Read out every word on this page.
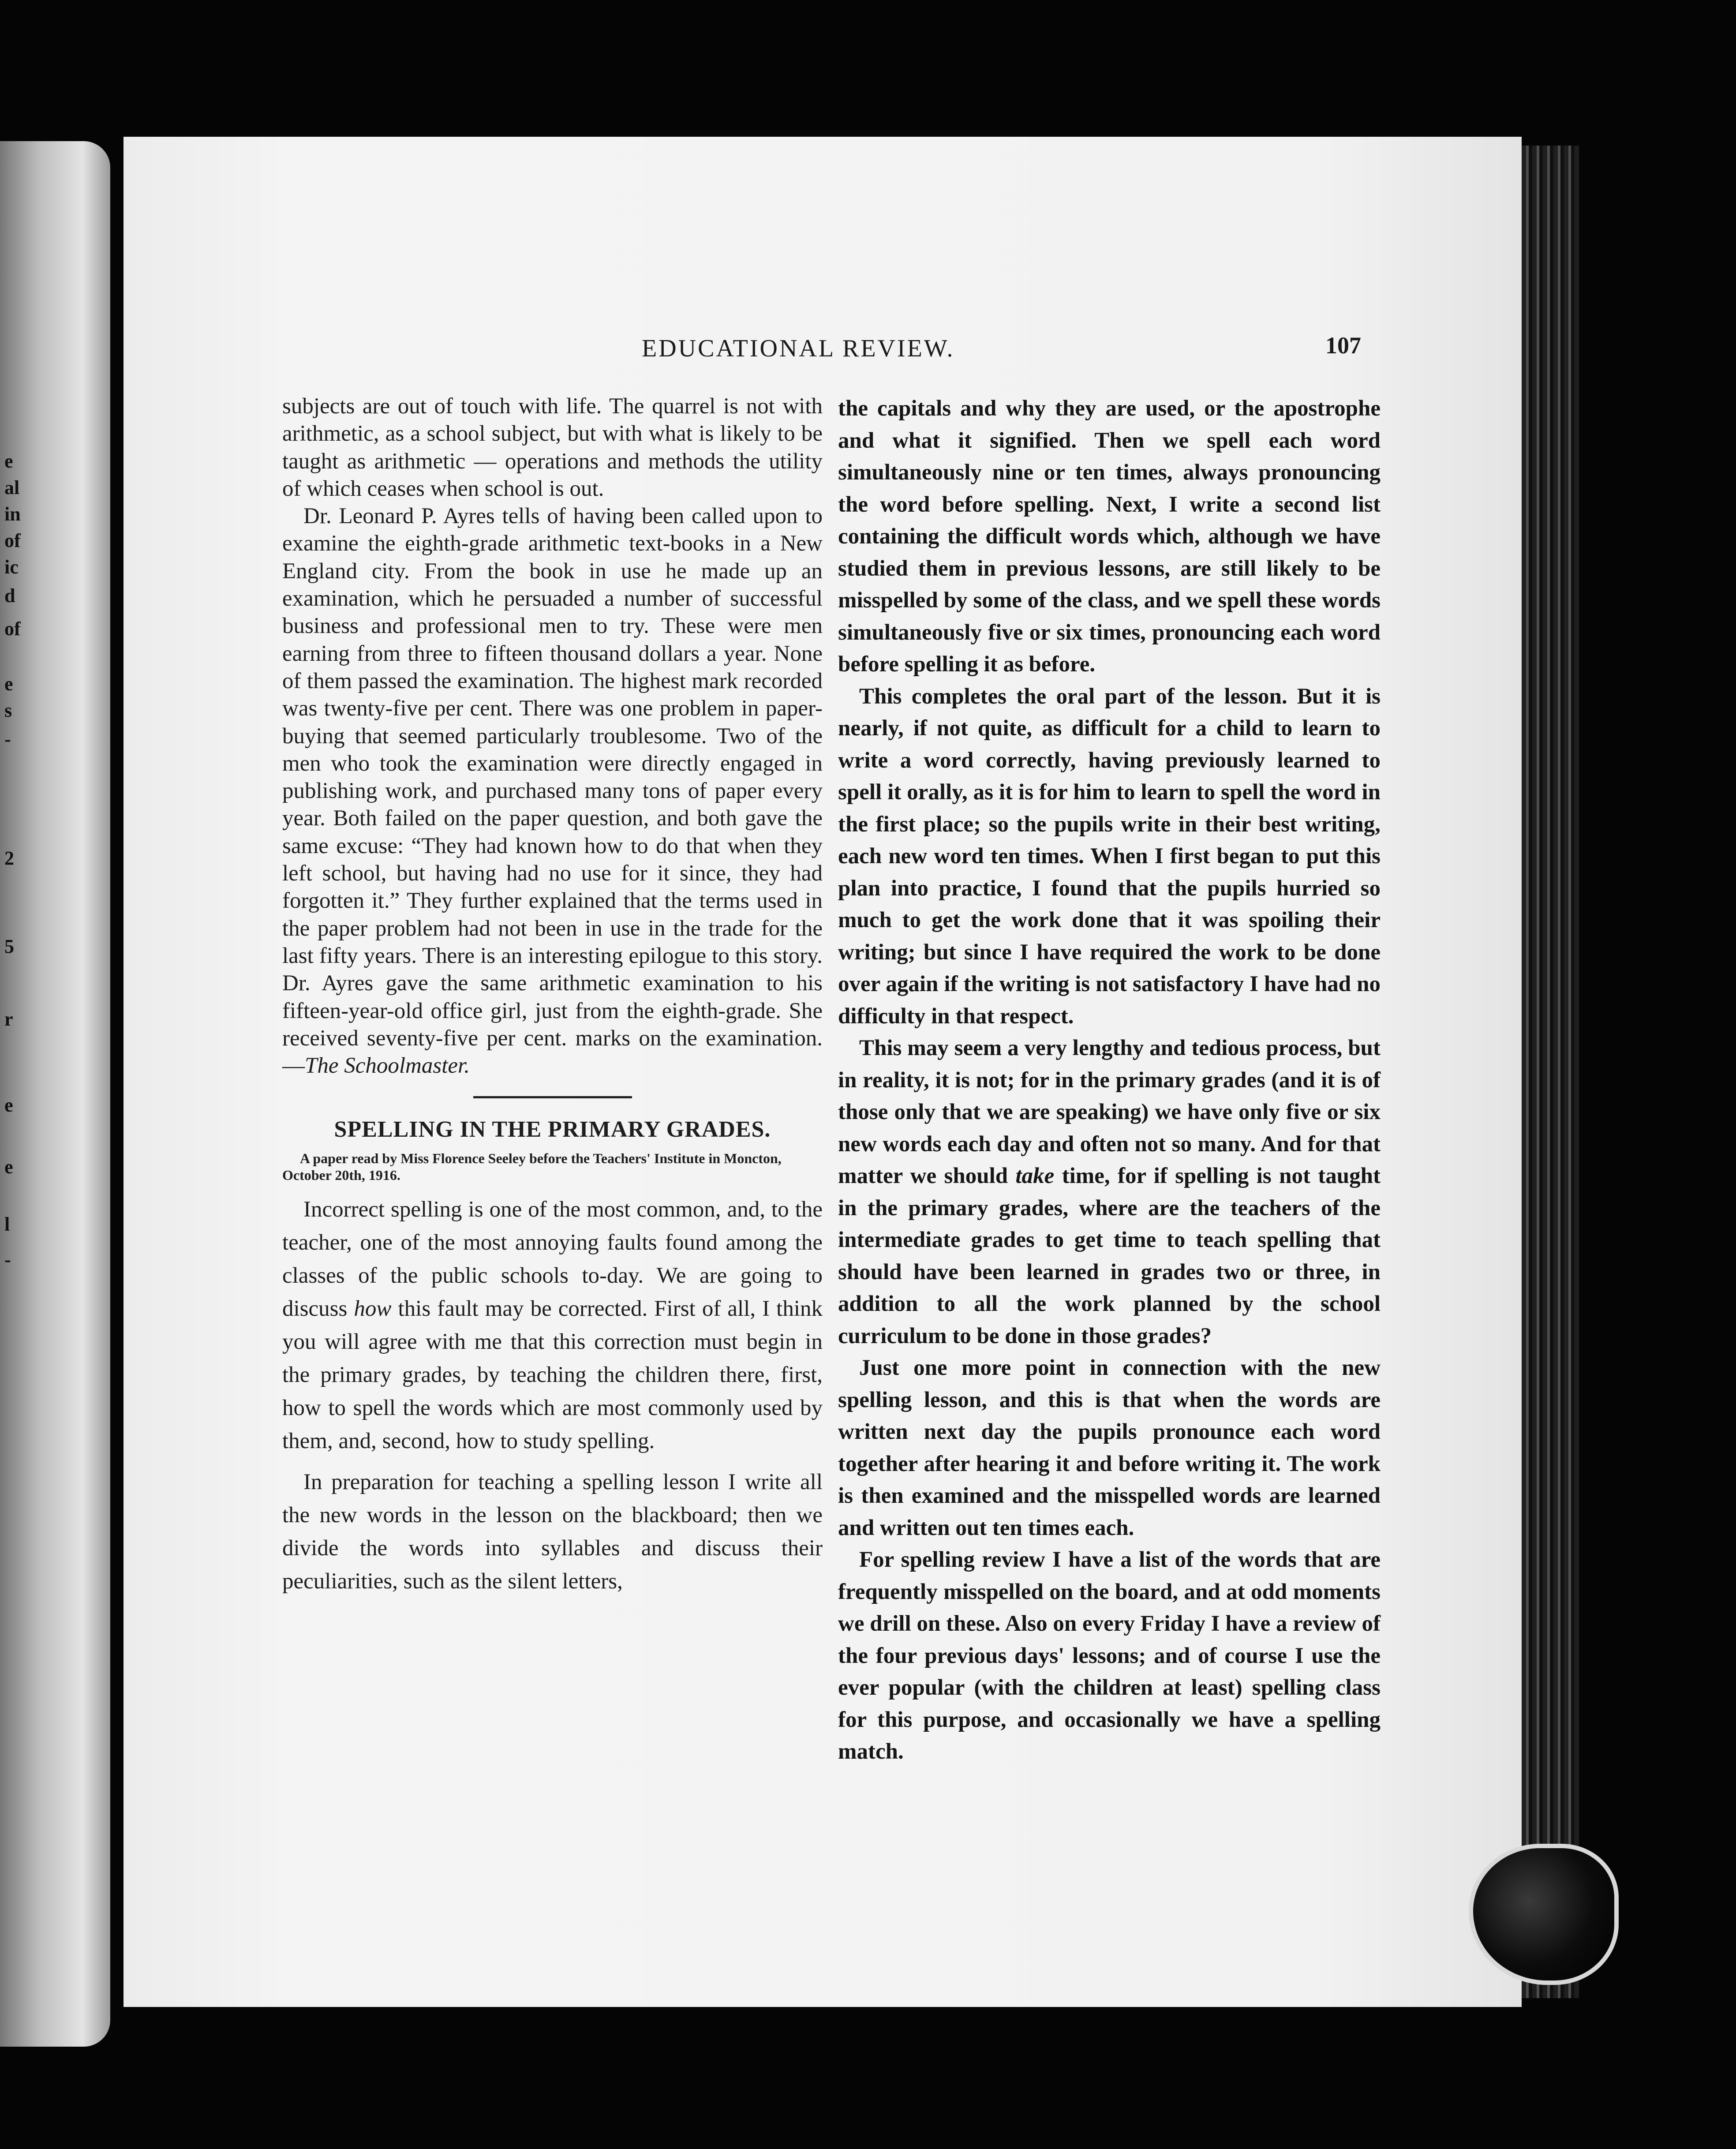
e
al
in
of
ic
d
of
e
s
-
2
5
r
e
e
l
-
EDUCATIONAL REVIEW.	107

subjects are out of touch with life. The quarrel is not with arithmetic, as a school subject, but with what is likely to be taught as arithmetic — operations and methods the utility of which ceases when school is out.

Dr. Leonard P. Ayres tells of having been called upon to examine the eighth-grade arithmetic text-books in a New England city. From the book in use he made up an examination, which he persuaded a number of successful business and professional men to try. These were men earning from three to fifteen thousand dollars a year. None of them passed the examination. The highest mark recorded was twenty-five per cent. There was one problem in paper-buying that seemed particularly troublesome. Two of the men who took the examination were directly engaged in publishing work, and purchased many tons of paper every year. Both failed on the paper question, and both gave the same excuse: “They had known how to do that when they left school, but having had no use for it since, they had forgotten it.” They further explained that the terms used in the paper problem had not been in use in the trade for the last fifty years. There is an interesting epilogue to this story. Dr. Ayres gave the same arithmetic examination to his fifteen-year-old office girl, just from the eighth-grade. She received seventy-five per cent. marks on the examination.—The Schoolmaster.

SPELLING IN THE PRIMARY GRADES.

A paper read by Miss Florence Seeley before the Teachers' Institute in Moncton, October 20th, 1916.

Incorrect spelling is one of the most common, and, to the teacher, one of the most annoying faults found among the classes of the public schools to-day. We are going to discuss how this fault may be corrected. First of all, I think you will agree with me that this correction must begin in the primary grades, by teaching the children there, first, how to spell the words which are most commonly used by them, and, second, how to study spelling.

In preparation for teaching a spelling lesson I write all the new words in the lesson on the blackboard; then we divide the words into syllables and discuss their peculiarities, such as the silent letters,

the capitals and why they are used, or the apostrophe and what it signified. Then we spell each word simultaneously nine or ten times, always pronouncing the word before spelling. Next, I write a second list containing the difficult words which, although we have studied them in previous lessons, are still likely to be misspelled by some of the class, and we spell these words simultaneously five or six times, pronouncing each word before spelling it as before.

This completes the oral part of the lesson. But it is nearly, if not quite, as difficult for a child to learn to write a word correctly, having previously learned to spell it orally, as it is for him to learn to spell the word in the first place; so the pupils write in their best writing, each new word ten times. When I first began to put this plan into practice, I found that the pupils hurried so much to get the work done that it was spoiling their writing; but since I have required the work to be done over again if the writing is not satisfactory I have had no difficulty in that respect.

This may seem a very lengthy and tedious process, but in reality, it is not; for in the primary grades (and it is of those only that we are speaking) we have only five or six new words each day and often not so many. And for that matter we should take time, for if spelling is not taught in the primary grades, where are the teachers of the intermediate grades to get time to teach spelling that should have been learned in grades two or three, in addition to all the work planned by the school curriculum to be done in those grades?

Just one more point in connection with the new spelling lesson, and this is that when the words are written next day the pupils pronounce each word together after hearing it and before writing it. The work is then examined and the misspelled words are learned and written out ten times each.

For spelling review I have a list of the words that are frequently misspelled on the board, and at odd moments we drill on these. Also on every Friday I have a review of the four previous days' lessons; and of course I use the ever popular (with the children at least) spelling class for this purpose, and occasionally we have a spelling match.
